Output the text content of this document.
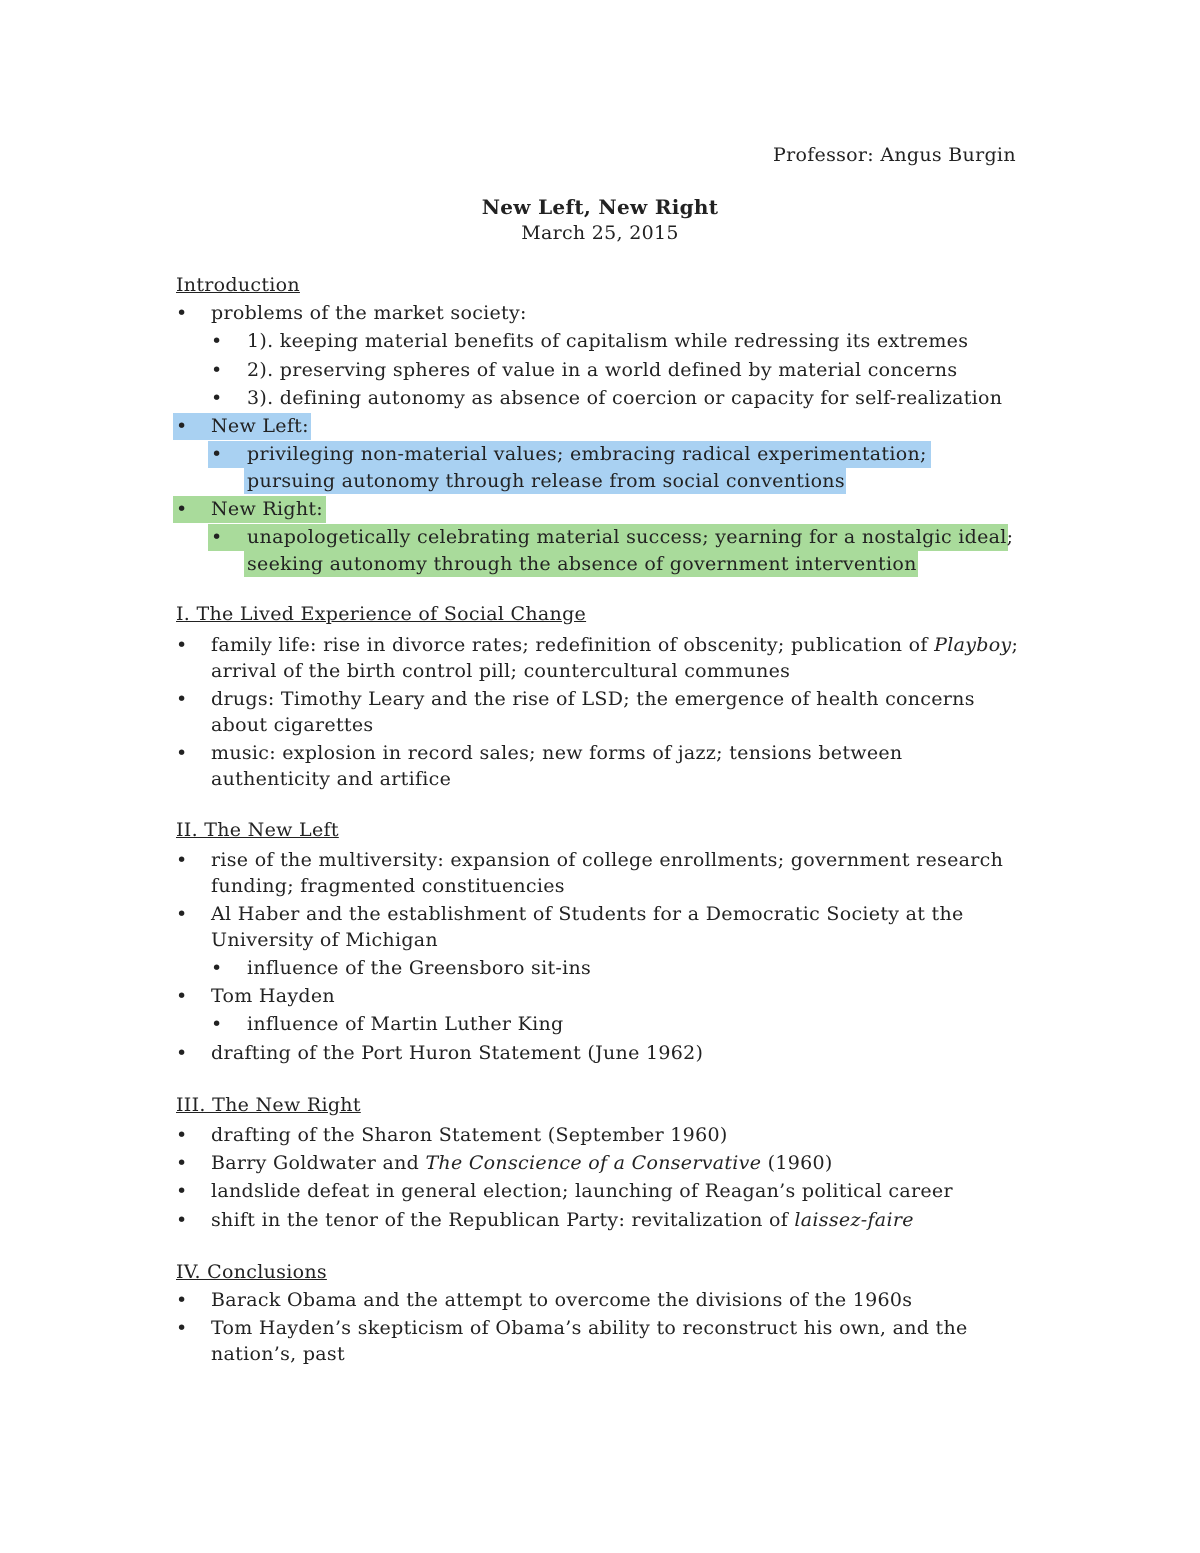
Professor: Angus Burgin
New Left, New Right
March 25, 2015
Introduction
• problems of the market society:
• 1). keeping material benefits of capitalism while redressing its extremes
• 2). preserving spheres of value in a world defined by material concerns
• 3). defining autonomy as absence of coercion or capacity for self-realization
• New Left:
• privileging non-material values; embracing radical experimentation;
pursuing autonomy through release from social conventions
• New Right:
• unapologetically celebrating material success; yearning for a nostalgic ideal;
seeking autonomy through the absence of government intervention
I. The Lived Experience of Social Change
• family life: rise in divorce rates; redefinition of obscenity; publication of Playboy;
arrival of the birth control pill; countercultural communes
• drugs: Timothy Leary and the rise of LSD; the emergence of health concerns
about cigarettes
• music: explosion in record sales; new forms of jazz; tensions between
authenticity and artifice
II. The New Left
• rise of the multiversity: expansion of college enrollments; government research
funding; fragmented constituencies
• Al Haber and the establishment of Students for a Democratic Society at the
University of Michigan
• influence of the Greensboro sit-ins
• Tom Hayden
• influence of Martin Luther King
• drafting of the Port Huron Statement (June 1962)
III. The New Right
• drafting of the Sharon Statement (September 1960)
• Barry Goldwater and The Conscience of a Conservative (1960)
• landslide defeat in general election; launching of Reagan’s political career
• shift in the tenor of the Republican Party: revitalization of laissez-faire
IV. Conclusions
• Barack Obama and the attempt to overcome the divisions of the 1960s
• Tom Hayden’s skepticism of Obama’s ability to reconstruct his own, and the
nation’s, past
